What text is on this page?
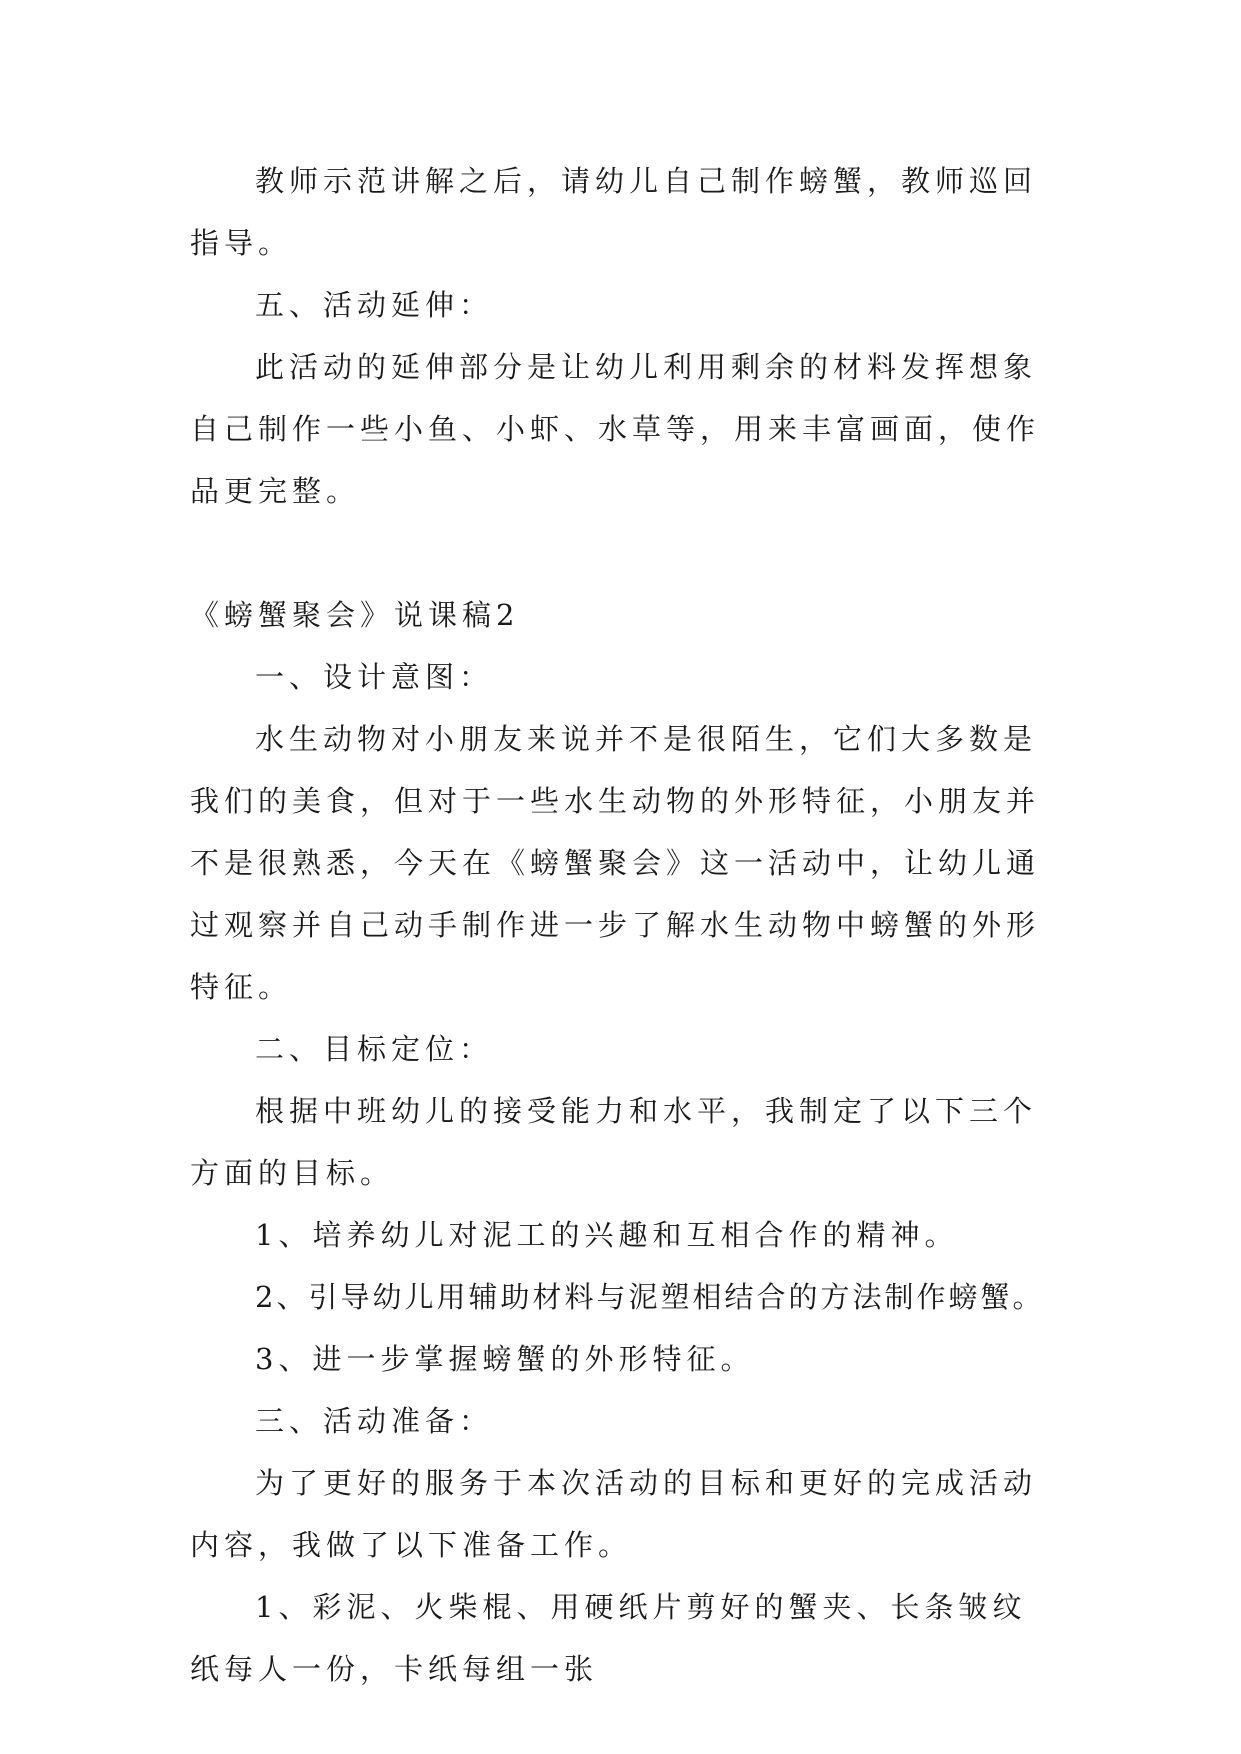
教师示范讲解之后，请幼儿自己制作螃蟹，教师巡回指导。

五、活动延伸：

此活动的延伸部分是让幼儿利用剩余的材料发挥想象自己制作一些小鱼、小虾、水草等，用来丰富画面，使作品更完整。

《螃蟹聚会》说课稿2

一、设计意图：

水生动物对小朋友来说并不是很陌生，它们大多数是我们的美食，但对于一些水生动物的外形特征，小朋友并不是很熟悉，今天在《螃蟹聚会》这一活动中，让幼儿通过观察并自己动手制作进一步了解水生动物中螃蟹的外形特征。

二、目标定位：

根据中班幼儿的接受能力和水平，我制定了以下三个方面的目标。

1、培养幼儿对泥工的兴趣和互相合作的精神。

2、引导幼儿用辅助材料与泥塑相结合的方法制作螃蟹。

3、进一步掌握螃蟹的外形特征。

三、活动准备：

为了更好的服务于本次活动的目标和更好的完成活动内容，我做了以下准备工作。

1、彩泥、火柴棍、用硬纸片剪好的蟹夹、长条皱纹纸每人一份，卡纸每组一张
